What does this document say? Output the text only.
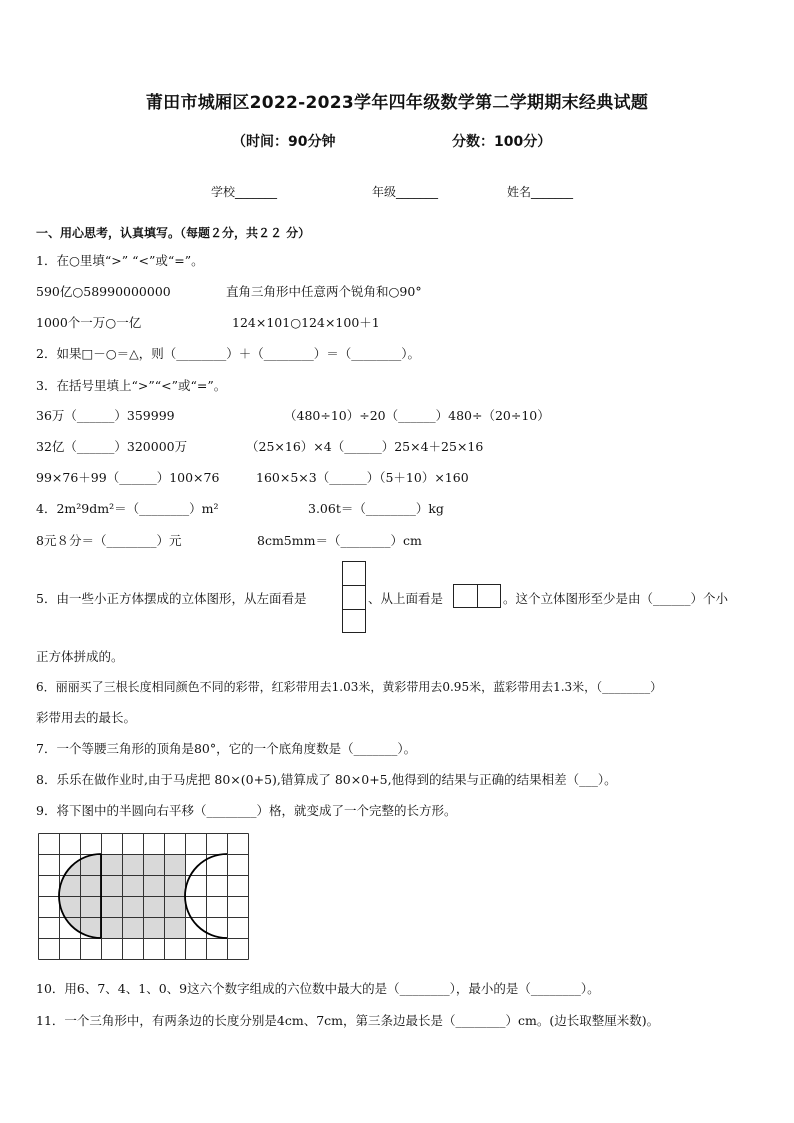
莆田市城厢区2022-2023学年四年级数学第二学期期末经典试题
（时间：90分钟	分数：100分）
学校_______	年级_______	姓名_______
一、用心思考，认真填写。（每题２分，共２２ 分）
1．在○里填“>” “<”或“=”。
590亿○58990000000	直角三角形中任意两个锐角和○90°
1000个一万○一亿	124×101○124×100＋1
2．如果□－○＝△，则（________）＋（________）＝（________）。
3．在括号里填上“>”“<”或“=”。
36万（______）359999	（480÷10）÷20（______）480÷（20÷10）
32亿（______）320000万	（25×16）×4（______）25×4＋25×16
99×76＋99（______）100×76	160×5×3（______）（5＋10）×160
4．2m²9dm²＝（________）m²	3.06t＝（________）kg
8元８分＝（________）元	8cm5mm＝（________）cm
5．由一些小正方体摆成的立体图形，从左面看是	、从上面看是	。这个立体图形至少是由（______）个小
正方体拼成的。
6．丽丽买了三根长度相同颜色不同的彩带，红彩带用去1.03米，黄彩带用去0.95米，蓝彩带用去1.3米，（________）
彩带用去的最长。
7．一个等腰三角形的顶角是80°，它的一个底角度数是（_______）。
8．乐乐在做作业时,由于马虎把 80×(0+5),错算成了 80×0+5,他得到的结果与正确的结果相差（___）。
9．将下图中的半圆向右平移（________）格，就变成了一个完整的长方形。
10．用6、7、4、1、0、9这六个数字组成的六位数中最大的是（________），最小的是（________）。
11．一个三角形中，有两条边的长度分别是4cm、7cm，第三条边最长是（________）cm。(边长取整厘米数)。
